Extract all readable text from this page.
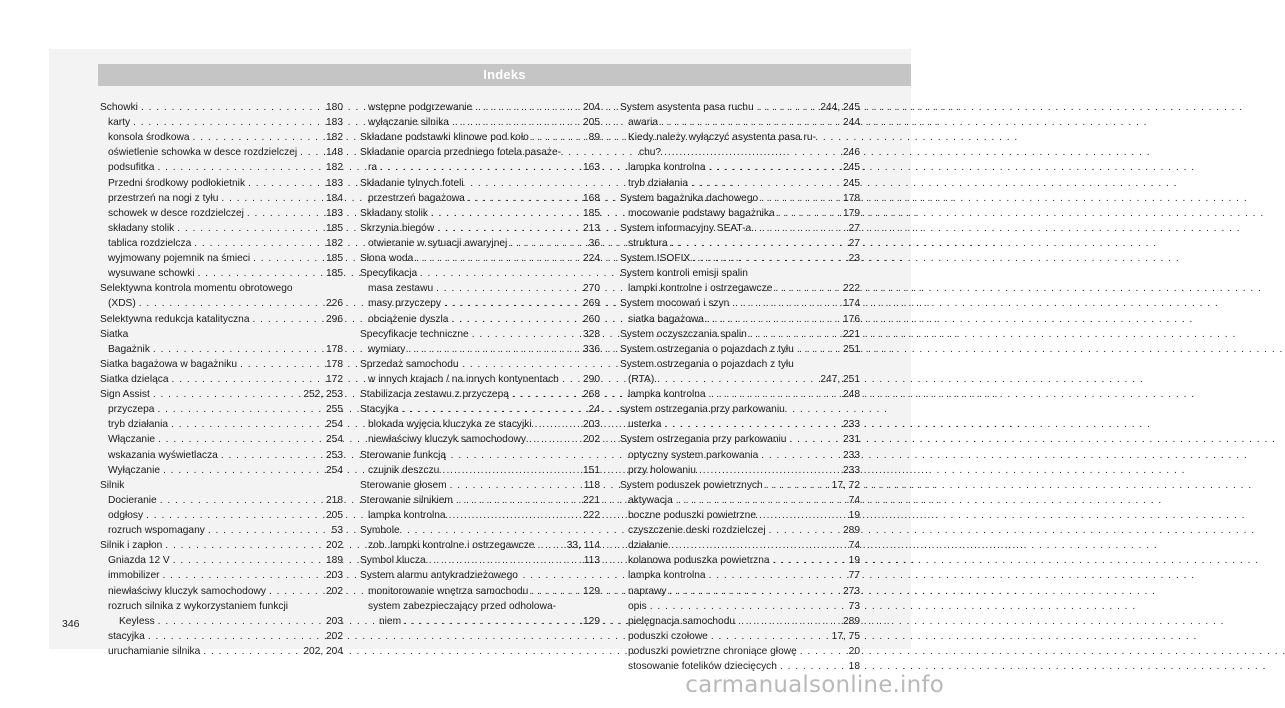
Indeks
Schowki . . .	180
karty . . .	183
konsola środkowa . . .	182
oświetlenie schowka w desce rozdzielczej . . .	148
podsufitka . . .	182
Przedni środkowy podłokietnik . . .	183
przestrzeń na nogi z tyłu . . .	184
schowek w desce rozdzielczej . . .	183
składany stolik . . .	185
tablica rozdzielcza . . .	182
wyjmowany pojemnik na śmieci . . .	185
wysuwane schowki . . .	185
Selektywna kontrola momentu obrotowego
(XDS) . . .	226
Selektywna redukcja katalityczna . . .	296
Siatka
Bagażnik . . .	178
Siatka bagażowa w bagażniku . . .	178
Siatka dzieląca . . .	172
Sign Assist . . .	252, 253
przyczepa . . .	255
tryb działania . . .	254
Włączanie . . .	254
wskazania wyświetlacza . . .	253
Wyłączanie . . .	254
Silnik
Docieranie . . .	218
odgłosy . . .	205
rozruch wspomagany . . .	53
Silnik i zapłon . . .	202
Gniazda 12 V . . .	189
immobilizer . . .	203
niewłaściwy kluczyk samochodowy . . .	202
rozruch silnika z wykorzystaniem funkcji
Keyless . . .	203
stacyjka . . .	202
uruchamianie silnika . . .	202, 204
wstępne podgrzewanie . . .	204
wyłączanie silnika . . .	205
Składane podstawki klinowe pod koło . . .	89
Składanie oparcia przedniego fotela pasaże-
ra . . .	163
Składanie tylnych foteli
przestrzeń bagażowa . . .	168
Składany stolik . . .	185
Skrzynia biegów . . .	213
otwieranie w sytuacji awaryjnej . . .	36
Słona woda . . .	224
Specyfikacja
masa zestawu . . .	270
masy przyczepy . . .	269
obciążenie dyszla . . .	260
Specyfikacje techniczne . . .	328
wymiary . . .	336
Sprzedaż samochodu
w innych krajach / na innych kontynentach 290
Stabilizacja zestawu z przyczepą . . .	268
Stacyjka . . .	24
blokada wyjęcia kluczyka ze stacyjki . . .	203
niewłaściwy kluczyk samochodowy . . .	202
Sterowanie funkcją
czujnik deszczu . . .	151
Sterowanie głosem . . .	118
Sterowanie silnikiem . . .	221
lampka kontrolna . . .	222
Symbole
zob. lampki kontrolne i ostrzegawcze . . .	33, 114
Symbol klucza . . .	113
System alarmu antykradzieżowego
monitorowanie wnętrza samochodu . . .	129
system zabezpieczający przed odholowa-
niem . . .	129
System asystenta pasa ruchu . . .	244, 245
awaria . . .	244
Kiedy należy wyłączyć asystenta pasa ru-
chu? . . .	246
lampka kontrolna . . .	245
tryb działania . . .	245
System bagażnika dachowego . . .	178
mocowanie podstawy bagażnika . . .	179
System informacyjny SEAT-a . . .	27
struktura . . .	27
System ISOFIX . . .	23
System kontroli emisji spalin
lampki kontrolne i ostrzegawcze . . .	222
System mocowań i szyn . . .	174
siatka bagażowa . . .	176
System oczyszczania spalin . . .	221
System ostrzegania o pojazdach z tyłu . . .	251
System ostrzegania o pojazdach z tyłu
(RTA) . . .	247, 251
lampka kontrolna . . .	248
system ostrzegania przy parkowaniu
usterka . . .	233
System ostrzegania przy parkowaniu . . .	231
optyczny system parkowania . . .	233
przy holowaniu . . .	233
System poduszek powietrznych . . .	17, 72
aktywacja . . .	74
boczne poduszki powietrzne . . .	19
czyszczenie deski rozdzielczej . . .	289
działanie . . .	74
kolanowa poduszka powietrzna . . .	19
lampka kontrolna . . .	77
naprawy . . .	273
opis . . .	73
pielęgnacja samochodu . . .	289
poduszki czołowe . . .	17, 75
poduszki powietrzne chroniące głowę . . .	20
stosowanie fotelików dziecięcych . . .	18
346
carmanualsonline.info
